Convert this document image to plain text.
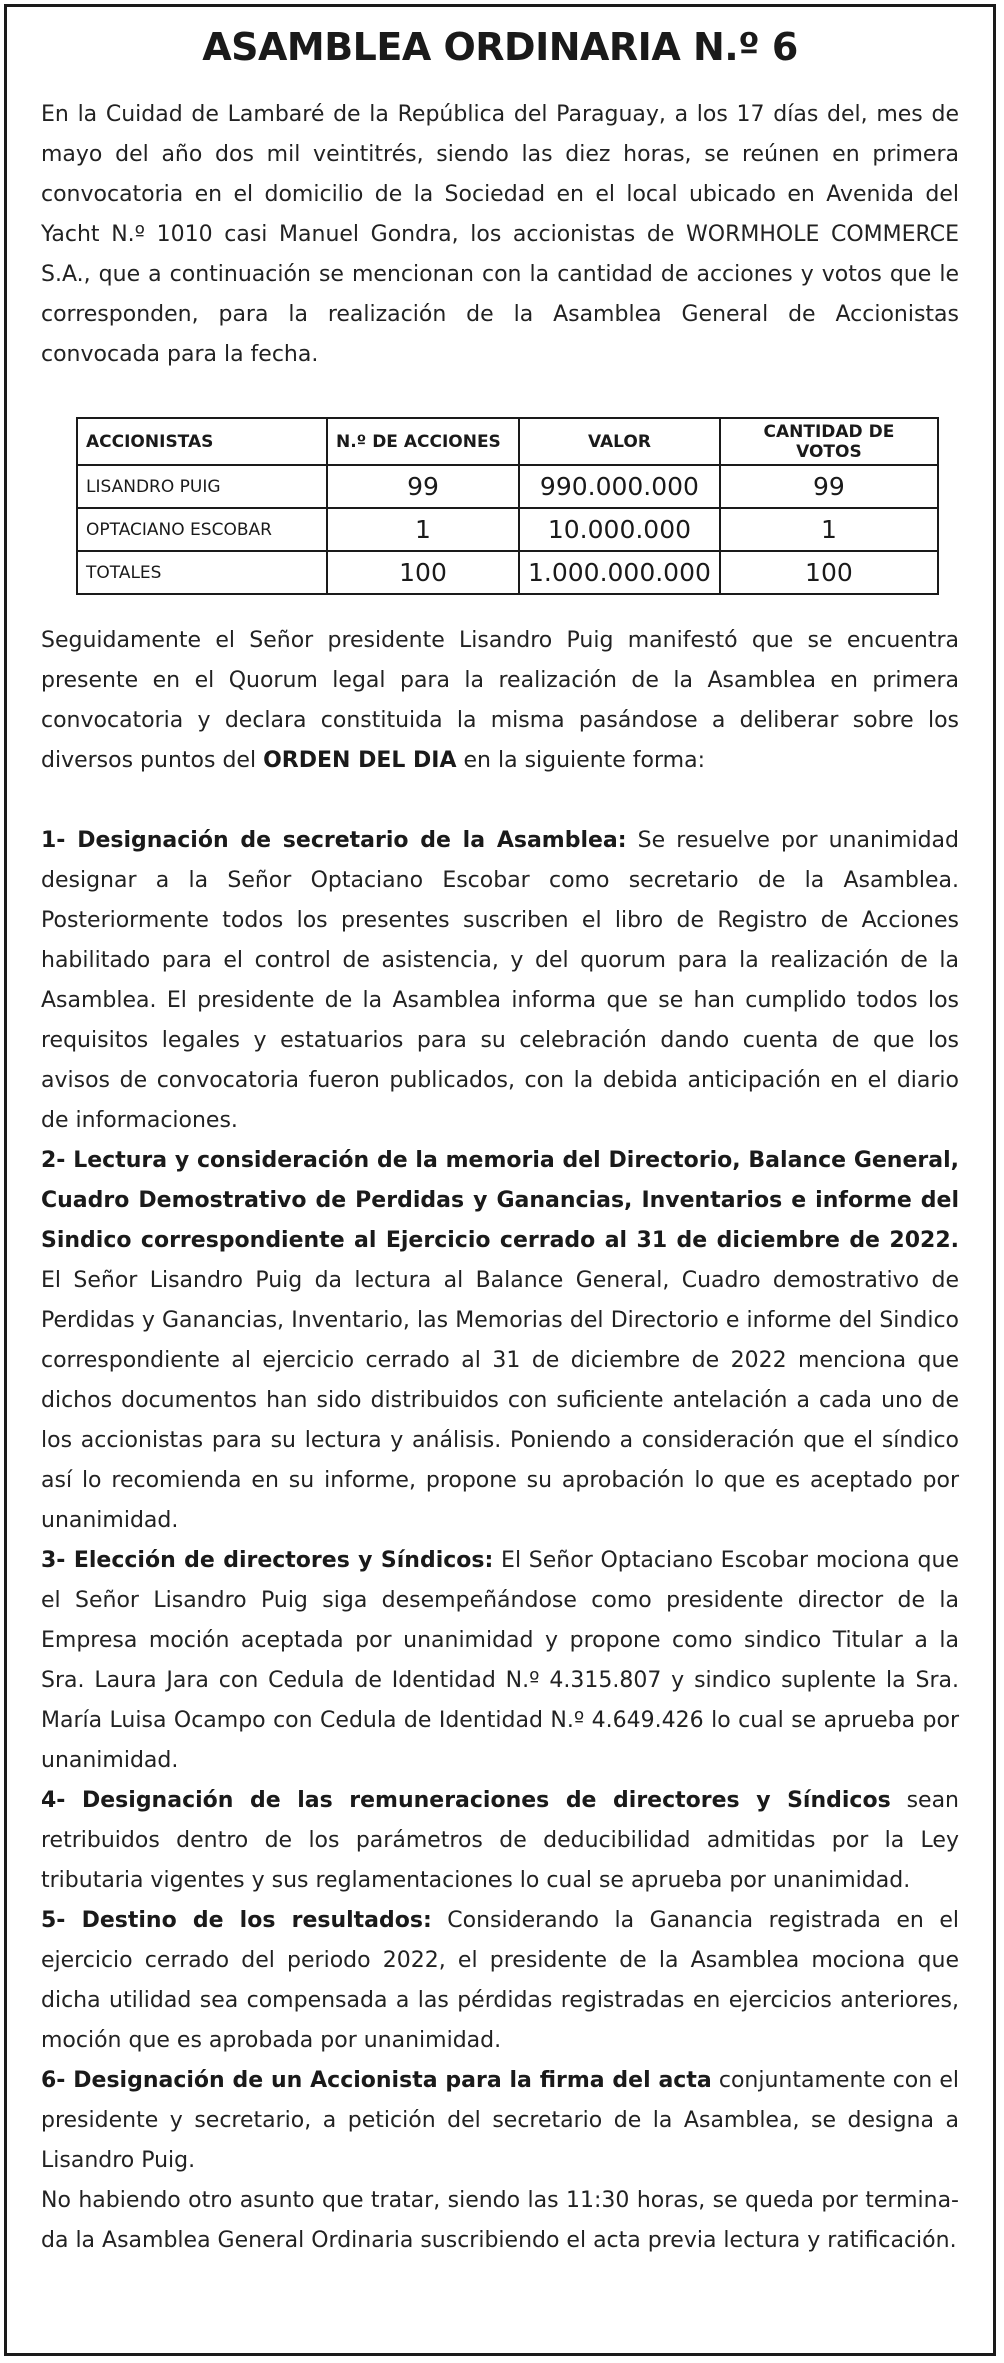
ASAMBLEA ORDINARIA N.º 6

En la Cuidad de Lambaré de la República del Paraguay, a los 17 días del, mes de mayo del año dos mil veintitrés, siendo las diez horas, se reúnen en primera convocatoria en el domicilio de la Sociedad en el local ubicado en Avenida del Yacht N.º 1010 casi Manuel Gondra, los accionistas de WORMHOLE COMMERCE S.A., que a continuación se mencionan con la cantidad de acciones y votos que le corresponden, para la realización de la Asamblea General de Accionistas convocada para la fecha.

ACCIONISTAS	N.º DE ACCIONES	VALOR	CANTIDAD DE VOTOS
LISANDRO PUIG	99	990.000.000	99
OPTACIANO ESCOBAR	1	10.000.000	1
TOTALES	100	1.000.000.000	100

Seguidamente el Señor presidente Lisandro Puig manifestó que se encuentra presente en el Quorum legal para la realización de la Asamblea en primera convocatoria y declara constituida la misma pasándose a deliberar sobre los diversos puntos del ORDEN DEL DIA en la siguiente forma:

1- Designación de secretario de la Asamblea: Se resuelve por unanimidad designar a la Señor Optaciano Escobar como secretario de la Asamblea. Posteriormente todos los presentes suscriben el libro de Registro de Acciones habilitado para el control de asistencia, y del quorum para la realización de la Asamblea. El presidente de la Asamblea informa que se han cumplido todos los requisitos legales y estatuarios para su celebración dando cuenta de que los avisos de convocatoria fueron publicados, con la debida anticipación en el diario de informaciones.

2- Lectura y consideración de la memoria del Directorio, Balance General, Cuadro Demostrativo de Perdidas y Ganancias, Inventarios e informe del Sindico correspondiente al Ejercicio cerrado al 31 de diciembre de 2022. El Señor Lisandro Puig da lectura al Balance General, Cuadro demostrativo de Perdidas y Ganancias, Inventario, las Memorias del Directorio e informe del Sindico correspondiente al ejercicio cerrado al 31 de diciembre de 2022 menciona que dichos documentos han sido distribuidos con suficiente antelación a cada uno de los accionistas para su lectura y análisis. Poniendo a consideración que el síndico así lo recomienda en su informe, propone su aprobación lo que es aceptado por unanimidad.

3- Elección de directores y Síndicos: El Señor Optaciano Escobar mociona que el Señor Lisandro Puig siga desempeñándose como presidente director de la Empresa moción aceptada por unanimidad y propone como sindico Titular a la Sra. Laura Jara con Cedula de Identidad N.º 4.315.807 y sindico suplente la Sra. María Luisa Ocampo con Cedula de Identidad N.º 4.649.426 lo cual se aprueba por unanimidad.

4- Designación de las remuneraciones de directores y Síndicos sean retribuidos dentro de los parámetros de deducibilidad admitidas por la Ley tributaria vigentes y sus reglamentaciones lo cual se aprueba por unanimidad.

5- Destino de los resultados: Considerando la Ganancia registrada en el ejercicio cerrado del periodo 2022, el presidente de la Asamblea mociona que dicha utilidad sea compensada a las pérdidas registradas en ejercicios anteriores, moción que es aprobada por unanimidad.

6- Designación de un Accionista para la firma del acta conjuntamente con el presidente y secretario, a petición del secretario de la Asamblea, se designa a Lisandro Puig.

No habiendo otro asunto que tratar, siendo las 11:30 horas, se queda por termina-da la Asamblea General Ordinaria suscribiendo el acta previa lectura y ratificación.
